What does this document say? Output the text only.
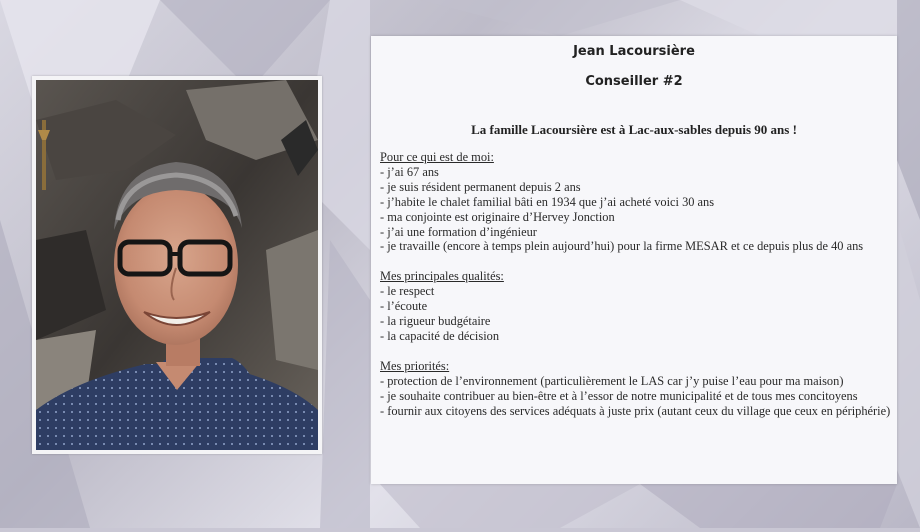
Jean Lacoursière
Conseiller #2
La famille Lacoursière est à Lac-aux-sables depuis 90 ans !
Pour ce qui est de moi:
- j’ai 67 ans
- je suis résident permanent depuis 2 ans
- j’habite le chalet familial bâti en 1934 que j’ai acheté voici 30 ans
- ma conjointe est originaire d’Hervey Jonction
- j’ai une formation d’ingénieur
- je travaille (encore à temps plein aujourd’hui) pour la firme MESAR et ce depuis plus de 40 ans
Mes principales qualités:
- le respect
- l’écoute
- la rigueur budgétaire
- la capacité de décision
Mes priorités:
- protection de l’environnement (particulièrement le LAS car j’y puise l’eau pour ma maison)
- je souhaite contribuer au bien-être et à l’essor de notre municipalité et de tous mes concitoyens
- fournir aux citoyens des services adéquats à juste prix (autant ceux du village que ceux en périphérie)
